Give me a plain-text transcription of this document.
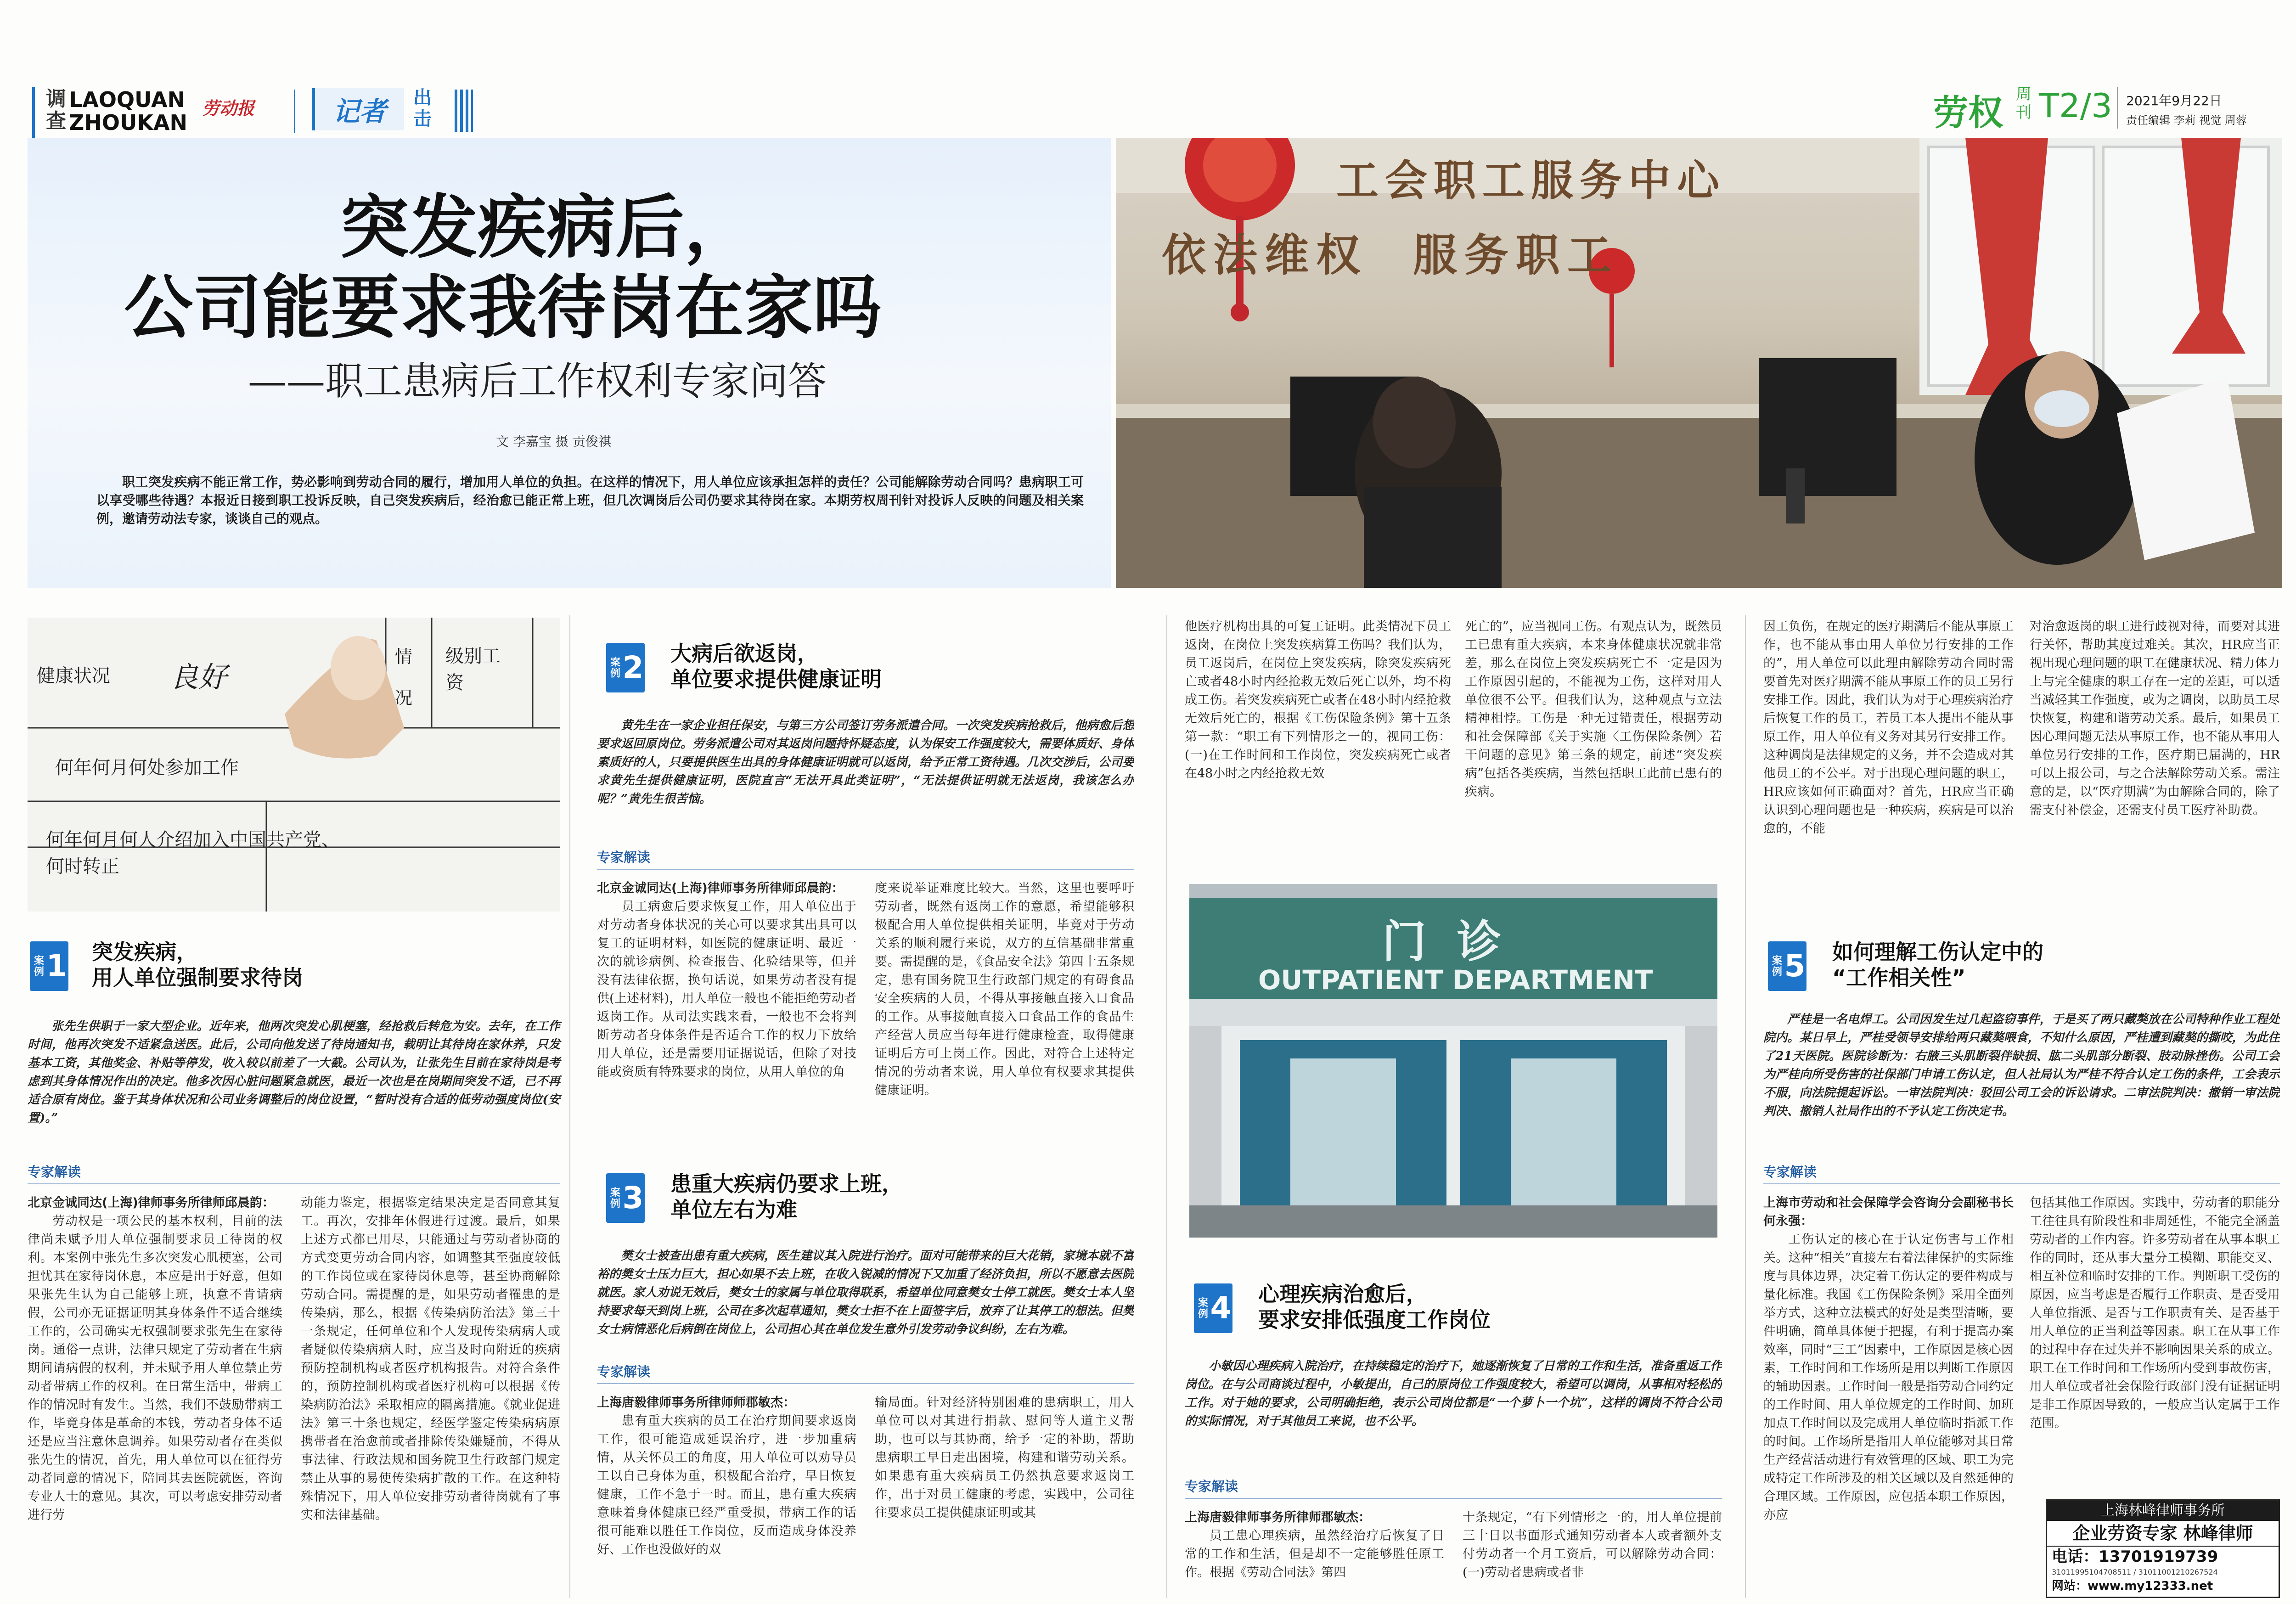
调
查
LAOQUAN
ZHOUKAN
劳动报	记者 出
击	劳权 周
刊 T2/3 2021年9月22日
责任编辑 李莉 视觉 周蓉
突发疾病后，
公司能要求我待岗在家吗
——职工患病后工作权利专家问答
文 李嘉宝 摄 贡俊祺

职工突发疾病不能正常工作，势必影响到劳动合同的履行，增加用人单位的负担。在这样的情况下，用人单位应该承担怎样的责任？公司能解除劳动合同吗？患病职工可以享受哪些待遇？本报近日接到职工投诉反映，自己突发疾病后，经治愈已能正常上班，但几次调岗后公司仍要求其待岗在家。本期劳权周刊针对投诉人反映的问题及相关案例，邀请劳动法专家，谈谈自己的观点。

工会职工服务中心
依法维权  服务职工
健康状况 良好
情况
级别工资
何年何月何处参加工作
何年何月何人介绍加入中国共产党、何时转正
案例 1 突发疾病，
用人单位强制要求待岗

张先生供职于一家大型企业。近年来，他两次突发心肌梗塞，经抢救后转危为安。去年，在工作时间，他再次突发不适紧急送医。此后，公司向他发送了待岗通知书，载明让其待岗在家休养，只发基本工资，其他奖金、补贴等停发，收入较以前差了一大截。公司认为，让张先生目前在家待岗是考虑到其身体情况作出的决定。他多次因心脏问题紧急就医，最近一次也是在岗期间突发不适，已不再适合原有岗位。鉴于其身体状况和公司业务调整后的岗位设置，“暂时没有合适的低劳动强度岗位(安置)。”

专家解读
北京金诚同达(上海)律师事务所律师邱晨韵：

劳动权是一项公民的基本权利，目前的法律尚未赋予用人单位强制要求员工待岗的权利。本案例中张先生多次突发心肌梗塞，公司担忧其在家待岗休息，本应是出于好意，但如果张先生认为自己能够上班，执意不肯请病假，公司亦无证据证明其身体条件不适合继续工作的，公司确实无权强制要求张先生在家待岗。通俗一点讲，法律只规定了劳动者在生病期间请病假的权利，并未赋予用人单位禁止劳动者带病工作的权利。在日常生活中，带病工作的情况时有发生。当然，我们不鼓励带病工作，毕竟身体是革命的本钱，劳动者身体不适还是应当注意休息调养。如果劳动者存在类似张先生的情况，首先，用人单位可以在征得劳动者同意的情况下，陪同其去医院就医，咨询专业人士的意见。其次，可以考虑安排劳动者进行劳

动能力鉴定，根据鉴定结果决定是否同意其复工。再次，安排年休假进行过渡。最后，如果上述方式都已用尽，只能通过与劳动者协商的方式变更劳动合同内容，如调整其至强度较低的工作岗位或在家待岗休息等，甚至协商解除劳动合同。需提醒的是，如果劳动者罹患的是传染病，那么，根据《传染病防治法》第三十一条规定，任何单位和个人发现传染病病人或者疑似传染病病人时，应当及时向附近的疾病预防控制机构或者医疗机构报告。对符合条件的，预防控制机构或者医疗机构可以根据《传染病防治法》采取相应的隔离措施。《就业促进法》第三十条也规定，经医学鉴定传染病病原携带者在治愈前或者排除传染嫌疑前，不得从事法律、行政法规和国务院卫生行政部门规定禁止从事的易使传染病扩散的工作。在这种特殊情况下，用人单位安排劳动者待岗就有了事实和法律基础。

案例 2 大病后欲返岗，
单位要求提供健康证明

黄先生在一家企业担任保安，与第三方公司签订劳务派遣合同。一次突发疾病抢救后，他病愈后想要求返回原岗位。劳务派遣公司对其返岗问题持怀疑态度，认为保安工作强度较大，需要体质好、身体素质好的人，只要提供医生出具的身体健康证明就可以返岗，给予正常工资待遇。几次交涉后，公司要求黄先生提供健康证明，医院直言“无法开具此类证明”，“无法提供证明就无法返岗，我该怎么办呢？”黄先生很苦恼。

专家解读
北京金诚同达(上海)律师事务所律师邱晨韵：

员工病愈后要求恢复工作，用人单位出于对劳动者身体状况的关心可以要求其出具可以复工的证明材料，如医院的健康证明、最近一次的就诊病例、检查报告、化验结果等，但并没有法律依据，换句话说，如果劳动者没有提供(上述材料)，用人单位一般也不能拒绝劳动者返岗工作。从司法实践来看，一般也不会将判断劳动者身体条件是否适合工作的权力下放给用人单位，还是需要用证据说话，但除了对技能或资质有特殊要求的岗位，从用人单位的角

度来说举证难度比较大。当然，这里也要呼吁劳动者，既然有返岗工作的意愿，希望能够积极配合用人单位提供相关证明，毕竟对于劳动关系的顺利履行来说，双方的互信基础非常重要。需提醒的是，《食品安全法》第四十五条规定，患有国务院卫生行政部门规定的有碍食品安全疾病的人员，不得从事接触直接入口食品的工作。从事接触直接入口食品工作的食品生产经营人员应当每年进行健康检查，取得健康证明后方可上岗工作。因此，对符合上述特定情况的劳动者来说，用人单位有权要求其提供健康证明。

案例 3 患重大疾病仍要求上班，
单位左右为难

樊女士被查出患有重大疾病，医生建议其入院进行治疗。面对可能带来的巨大花销，家境本就不富裕的樊女士压力巨大，担心如果不去上班，在收入锐减的情况下又加重了经济负担，所以不愿意去医院就医。家人劝说无效后，樊女士的家属与单位取得联系，希望单位同意樊女士停工就医。樊女士本人坚持要求每天到岗上班，公司在多次起草通知，樊女士拒不在上面签字后，放弃了让其停工的想法。但樊女士病情恶化后病倒在岗位上，公司担心其在单位发生意外引发劳动争议纠纷，左右为难。

专家解读
上海唐毅律师事务所律师师郡敏杰：

患有重大疾病的员工在治疗期间要求返岗工作，很可能造成延误治疗，进一步加重病情，从关怀员工的角度，用人单位可以劝导员工以自己身体为重，积极配合治疗，早日恢复健康，工作不急于一时。而且，患有重大疾病意味着身体健康已经严重受损，带病工作的话很可能难以胜任工作岗位，反而造成身体没养好、工作也没做好的双

输局面。针对经济特别困难的患病职工，用人单位可以对其进行捐款、慰问等人道主义帮助，也可以与其协商，给予一定的补助，帮助患病职工早日走出困境，构建和谐劳动关系。如果患有重大疾病员工仍然执意要求返岗工作，出于对员工健康的考虑，实践中，公司往往要求员工提供健康证明或其

他医疗机构出具的可复工证明。此类情况下员工返岗，在岗位上突发疾病算工伤吗？我们认为，员工返岗后，在岗位上突发疾病，除突发疾病死亡或者48小时内经抢救无效后死亡以外，均不构成工伤。若突发疾病死亡或者在48小时内经抢救无效后死亡的，根据《工伤保险条例》第十五条第一款：“职工有下列情形之一的，视同工伤：(一)在工作时间和工作岗位，突发疾病死亡或者在48小时之内经抢救无效

死亡的”，应当视同工伤。有观点认为，既然员工已患有重大疾病，本来身体健康状况就非常差，那么在岗位上突发疾病死亡不一定是因为工作原因引起的，不能视为工伤，这样对用人单位很不公平。但我们认为，这种观点与立法精神相悖。工伤是一种无过错责任，根据劳动和社会保障部《关于实施〈工伤保险条例〉若干问题的意见》第三条的规定，前述“突发疾病”包括各类疾病，当然包括职工此前已患有的疾病。

门  诊
OUTPATIENT DEPARTMENT
案例 4 心理疾病治愈后，
要求安排低强度工作岗位

小敏因心理疾病入院治疗，在持续稳定的治疗下，她逐渐恢复了日常的工作和生活，准备重返工作岗位。在与公司商谈过程中，小敏提出，自己的原岗位工作强度较大，希望可以调岗，从事相对轻松的工作。对于她的要求，公司明确拒绝，表示公司岗位都是“一个萝卜一个坑”，这样的调岗不符合公司的实际情况，对于其他员工来说，也不公平。

专家解读
上海唐毅律师事务所律师郡敏杰：

员工患心理疾病，虽然经治疗后恢复了日常的工作和生活，但是却不一定能够胜任原工作。根据《劳动合同法》第四

十条规定，“有下列情形之一的，用人单位提前三十日以书面形式通知劳动者本人或者额外支付劳动者一个月工资后，可以解除劳动合同：(一)劳动者患病或者非

因工负伤，在规定的医疗期满后不能从事原工作，也不能从事由用人单位另行安排的工作的”，用人单位可以此理由解除劳动合同时需要首先对医疗期满不能从事原工作的员工另行安排工作。因此，我们认为对于心理疾病治疗后恢复工作的员工，若员工本人提出不能从事原工作，用人单位有义务对其另行安排工作。这种调岗是法律规定的义务，并不会造成对其他员工的不公平。对于出现心理问题的职工，HR应该如何正确面对？首先，HR应当正确认识到心理问题也是一种疾病，疾病是可以治愈的，不能

对治愈返岗的职工进行歧视对待，而要对其进行关怀，帮助其度过难关。其次，HR应当正视出现心理问题的职工在健康状况、精力体力上与完全健康的职工存在一定的差距，可以适当减轻其工作强度，或为之调岗，以助员工尽快恢复，构建和谐劳动关系。最后，如果员工因心理问题无法从事原工作，也不能从事用人单位另行安排的工作，医疗期已届满的，HR可以上报公司，与之合法解除劳动关系。需注意的是，以“医疗期满”为由解除合同的，除了需支付补偿金，还需支付员工医疗补助费。

案例 5 如何理解工伤认定中的
“工作相关性”

严桂是一名电焊工。公司因发生过几起盗窃事件，于是买了两只藏獒放在公司特种作业工程处院内。某日早上，严桂受领导安排给两只藏獒喂食，不知什么原因，严桂遭到藏獒的撕咬，为此住了21天医院。医院诊断为：右腋三头肌断裂伴缺损、肱二头肌部分断裂、肢动脉挫伤。公司工会为严桂向所受伤害的社保部门申请工伤认定，但人社局认为严桂不符合认定工伤的条件，工会表示不服，向法院提起诉讼。一审法院判决：驳回公司工会的诉讼请求。二审法院判决：撤销一审法院判决、撤销人社局作出的不予认定工伤决定书。

专家解读
上海市劳动和社会保障学会咨询分会副秘书长何永强：

工伤认定的核心在于认定伤害与工作相关。这种“相关”直接左右着法律保护的实际维度与具体边界，决定着工伤认定的要件构成与量化标准。我国《工伤保险条例》采用全面列举方式，这种立法模式的好处是类型清晰，要件明确，简单具体便于把握，有利于提高办案效率，同时“三工”因素中，工作原因是核心因素，工作时间和工作场所是用以判断工作原因的辅助因素。工作时间一般是指劳动合同约定的工作时间、用人单位规定的工作时间、加班加点工作时间以及完成用人单位临时指派工作的时间。工作场所是指用人单位能够对其日常生产经营活动进行有效管理的区域、职工为完成特定工作所涉及的相关区域以及自然延伸的合理区域。工作原因，应包括本职工作原因，亦应

包括其他工作原因。实践中，劳动者的职能分工往往具有阶段性和非周延性，不能完全涵盖劳动者的工作内容。许多劳动者在从事本职工作的同时，还从事大量分工模糊、职能交叉、相互补位和临时安排的工作。判断职工受伤的原因，应当考虑是否履行工作职责、是否受用人单位指派、是否与工作职责有关、是否基于用人单位的正当利益等因素。职工在从事工作的过程中存在过失并不影响因果关系的成立。职工在工作时间和工作场所内受到事故伤害，用人单位或者社会保险行政部门没有证据证明是非工作原因导致的，一般应当认定属于工作范围。

上海林峰律师事务所
企业劳资专家 林峰律师
电话：13701919739
31011995104708511 / 31011001210267524
网站：www.my12333.net
